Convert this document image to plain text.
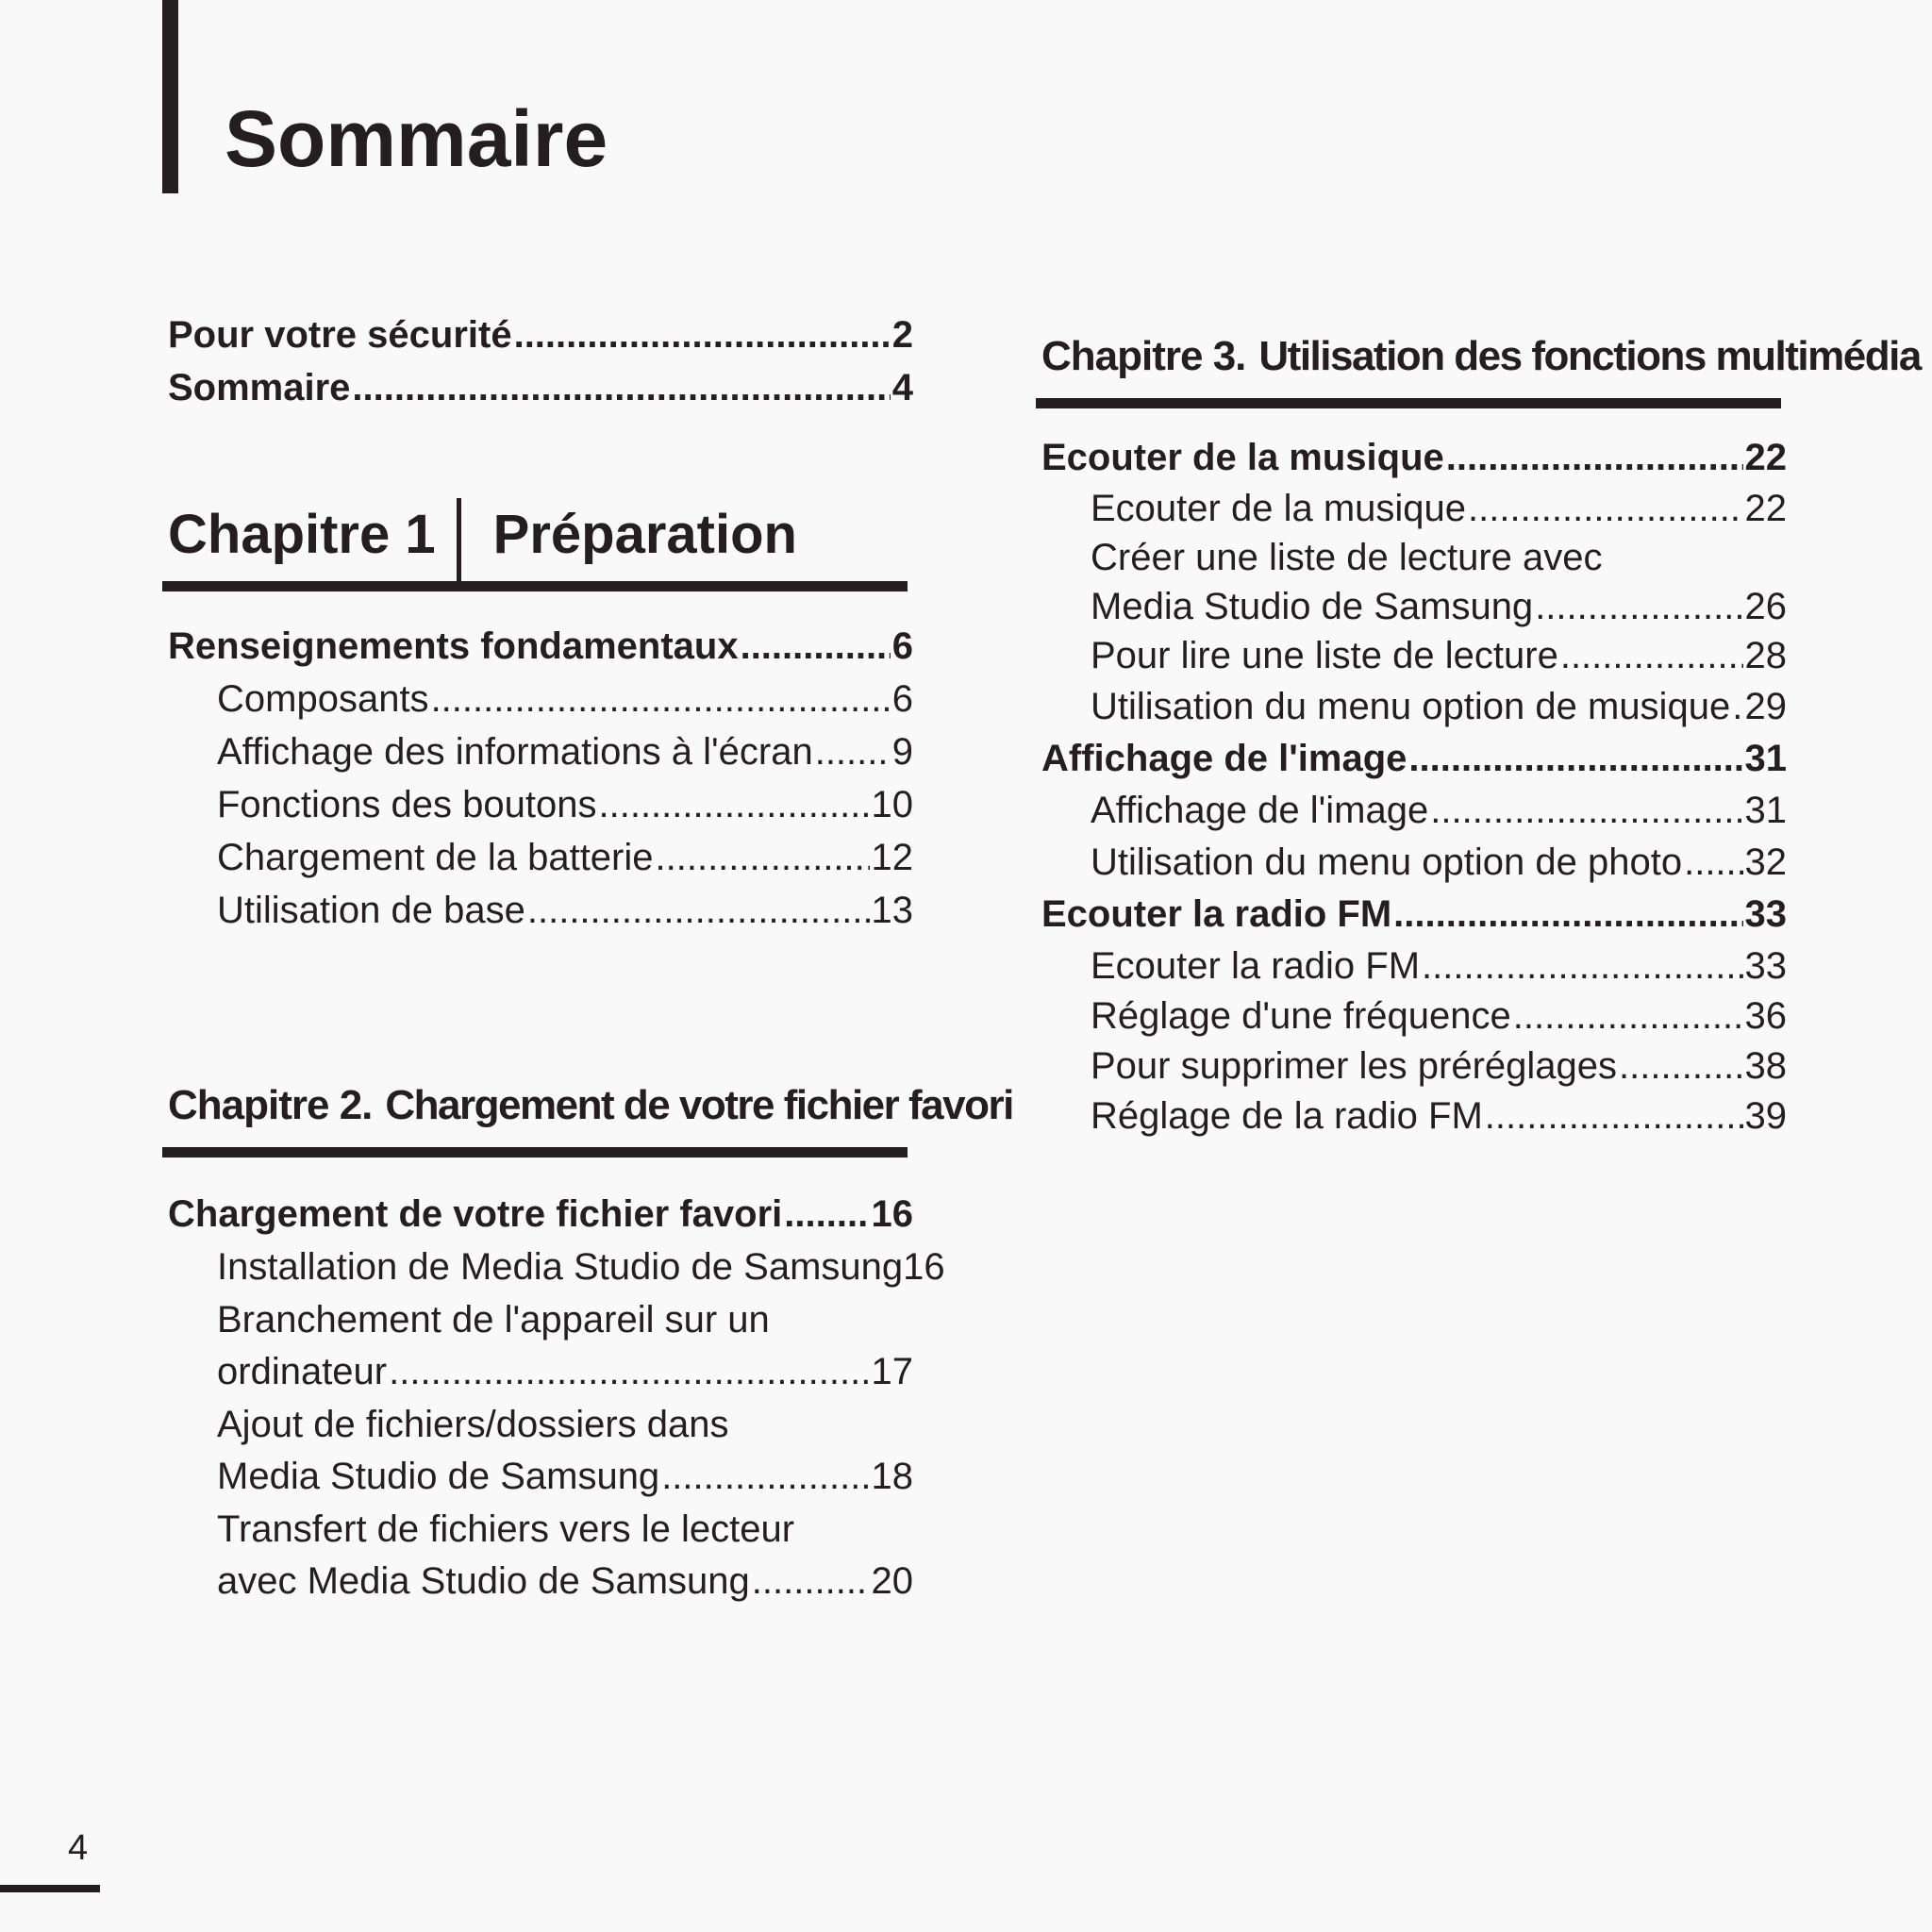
Sommaire
Pour votre sécurité .....	2
Sommaire .....	4
Chapitre 1	Préparation
Renseignements fondamentaux .....	6
Composants .....	6
Affichage des informations à l'écran ..... 9
Fonctions des boutons .....	10
Chargement de la batterie .....	12
Utilisation de base .....	13
Chapitre 2. Chargement de votre fichier favori
Chargement de votre fichier favori ..... 16
Installation de Media Studio de Samsung 16
Branchement de l'appareil sur un
ordinateur .....	17
Ajout de fichiers/dossiers dans
Media Studio de Samsung .....	18
Transfert de fichiers vers le lecteur
avec Media Studio de Samsung .....	20
Chapitre 3. Utilisation des fonctions multimédia
Ecouter de la musique .....	22
Ecouter de la musique .....	22
Créer une liste de lecture avec
Media Studio de Samsung .....	26
Pour lire une liste de lecture .....	28
Utilisation du menu option de musique ..... 29
Affichage de l'image .....	31
Affichage de l'image .....	31
Utilisation du menu option de photo ..... 32
Ecouter la radio FM .....	33
Ecouter la radio FM .....	33
Réglage d'une fréquence .....	36
Pour supprimer les préréglages .....	38
Réglage de la radio FM .....	39
4
